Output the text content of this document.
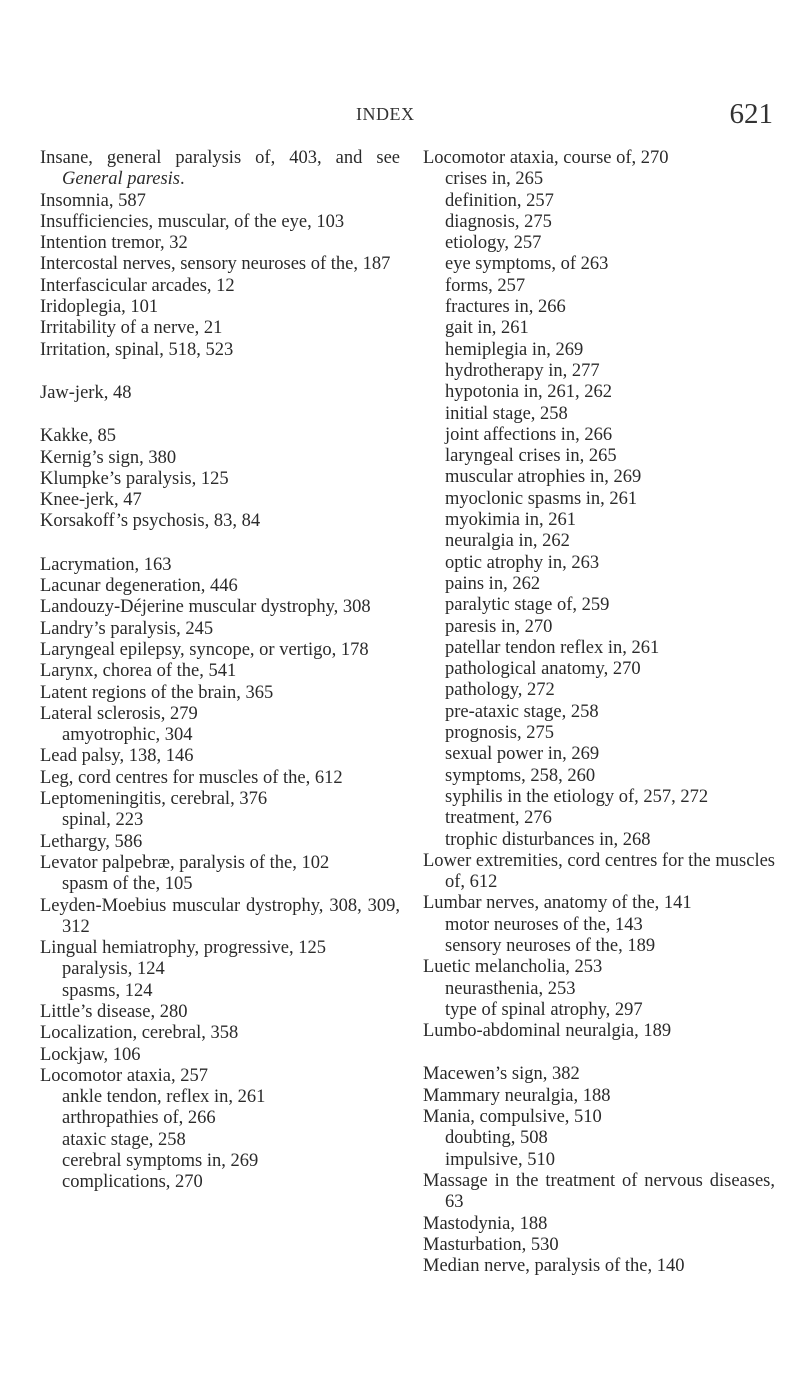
INDEX	621

Insane, general paralysis of, 403, and see General paresis.

Insomnia, 587

Insufficiencies, muscular, of the eye, 103

Intention tremor, 32

Intercostal nerves, sensory neuroses of the, 187

Interfascicular arcades, 12

Iridoplegia, 101

Irritability of a nerve, 21

Irritation, spinal, 518, 523

Jaw-jerk, 48

Kakke, 85

Kernig’s sign, 380

Klumpke’s paralysis, 125

Knee-jerk, 47

Korsakoff’s psychosis, 83, 84

Lacrymation, 163

Lacunar degeneration, 446

Landouzy-Déjerine muscular dystrophy, 308

Landry’s paralysis, 245

Laryngeal epilepsy, syncope, or vertigo, 178

Larynx, chorea of the, 541

Latent regions of the brain, 365

Lateral sclerosis, 279

amyotrophic, 304

Lead palsy, 138, 146

Leg, cord centres for muscles of the, 612

Leptomeningitis, cerebral, 376

spinal, 223

Lethargy, 586

Levator palpebræ, paralysis of the, 102

spasm of the, 105

Leyden-Moebius muscular dystrophy, 308, 309, 312

Lingual hemiatrophy, progressive, 125

paralysis, 124

spasms, 124

Little’s disease, 280

Localization, cerebral, 358

Lockjaw, 106

Locomotor ataxia, 257

ankle tendon, reflex in, 261

arthropathies of, 266

ataxic stage, 258

cerebral symptoms in, 269

complications, 270

Locomotor ataxia, course of, 270

crises in, 265

definition, 257

diagnosis, 275

etiology, 257

eye symptoms, of 263

forms, 257

fractures in, 266

gait in, 261

hemiplegia in, 269

hydrotherapy in, 277

hypotonia in, 261, 262

initial stage, 258

joint affections in, 266

laryngeal crises in, 265

muscular atrophies in, 269

myoclonic spasms in, 261

myokimia in, 261

neuralgia in, 262

optic atrophy in, 263

pains in, 262

paralytic stage of, 259

paresis in, 270

patellar tendon reflex in, 261

pathological anatomy, 270

pathology, 272

pre-ataxic stage, 258

prognosis, 275

sexual power in, 269

symptoms, 258, 260

syphilis in the etiology of, 257, 272

treatment, 276

trophic disturbances in, 268

Lower extremities, cord centres for the muscles of, 612

Lumbar nerves, anatomy of the, 141

motor neuroses of the, 143

sensory neuroses of the, 189

Luetic melancholia, 253

neurasthenia, 253

type of spinal atrophy, 297

Lumbo-abdominal neuralgia, 189

Macewen’s sign, 382

Mammary neuralgia, 188

Mania, compulsive, 510

doubting, 508

impulsive, 510

Massage in the treatment of nervous diseases, 63

Mastodynia, 188

Masturbation, 530

Median nerve, paralysis of the, 140
